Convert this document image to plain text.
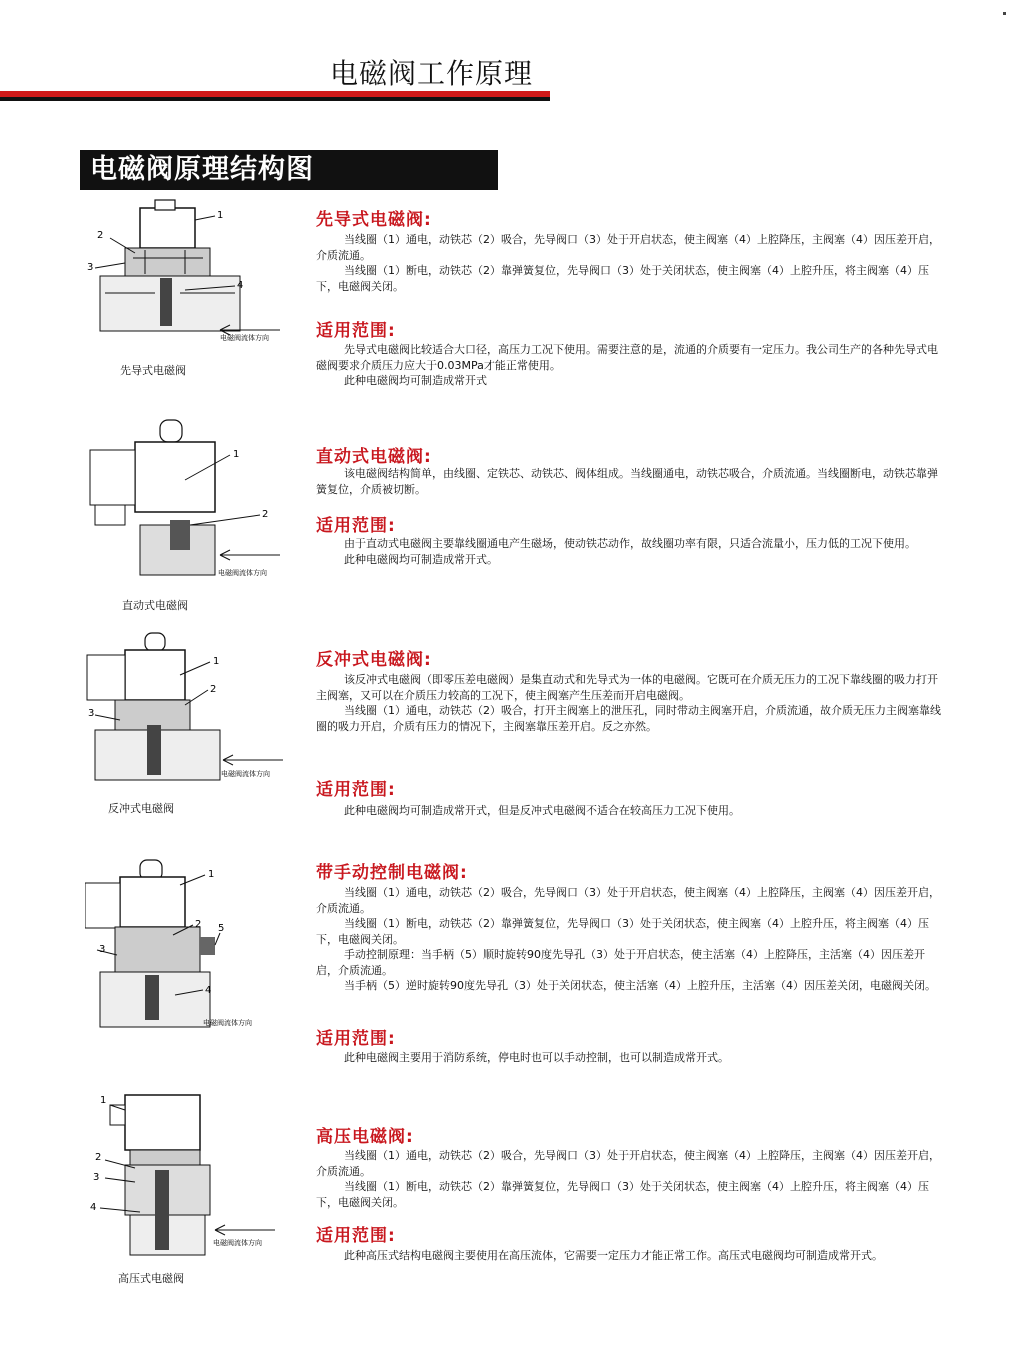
电磁阀工作原理
电磁阀原理结构图
1
2
3
4
电磁阀流体方向
先导式电磁阀
先导式电磁阀:

当线圈（1）通电，动铁芯（2）吸合，先导阀口（3）处于开启状态，使主阀塞（4）上腔降压，主阀塞（4）因压差开启，介质流通。

当线圈（1）断电，动铁芯（2）靠弹簧复位，先导阀口（3）处于关闭状态，使主阀塞（4）上腔升压，将主阀塞（4）压下，电磁阀关闭。

适用范围:

先导式电磁阀比较适合大口径，高压力工况下使用。需要注意的是，流通的介质要有一定压力。我公司生产的各种先导式电磁阀要求介质压力应大于0.03MPa才能正常使用。

此种电磁阀均可制造成常开式

1
2
电磁阀流体方向
直动式电磁阀
直动式电磁阀:

该电磁阀结构简单，由线圈、定铁芯、动铁芯、阀体组成。当线圈通电，动铁芯吸合，介质流通。当线圈断电，动铁芯靠弹簧复位，介质被切断。

适用范围:

由于直动式电磁阀主要靠线圈通电产生磁场，使动铁芯动作，故线圈功率有限，只适合流量小，压力低的工况下使用。

此种电磁阀均可制造成常开式。

1
2
3
电磁阀流体方向
反冲式电磁阀
反冲式电磁阀:

该反冲式电磁阀（即零压差电磁阀）是集直动式和先导式为一体的电磁阀。它既可在介质无压力的工况下靠线圈的吸力打开主阀塞，又可以在介质压力较高的工况下，使主阀塞产生压差而开启电磁阀。

当线圈（1）通电，动铁芯（2）吸合，打开主阀塞上的泄压孔，同时带动主阀塞开启，介质流通，故介质无压力主阀塞靠线圈的吸力开启，介质有压力的情况下，主阀塞靠压差开启。反之亦然。

适用范围:

此种电磁阀均可制造成常开式，但是反冲式电磁阀不适合在较高压力工况下使用。

1
2
3
4
5
电磁阀流体方向
带手动控制电磁阀:

当线圈（1）通电，动铁芯（2）吸合，先导阀口（3）处于开启状态，使主阀塞（4）上腔降压，主阀塞（4）因压差开启，介质流通。

当线圈（1）断电，动铁芯（2）靠弹簧复位，先导阀口（3）处于关闭状态，使主阀塞（4）上腔升压，将主阀塞（4）压下，电磁阀关闭。

手动控制原理：当手柄（5）顺时旋转90度先导孔（3）处于开启状态，使主活塞（4）上腔降压，主活塞（4）因压差开启，介质流通。

当手柄（5）逆时旋转90度先导孔（3）处于关闭状态，使主活塞（4）上腔升压，主活塞（4）因压差关闭，电磁阀关闭。

适用范围:

此种电磁阀主要用于消防系统，停电时也可以手动控制，也可以制造成常开式。

1
2
3
4
电磁阀流体方向
高压式电磁阀
高压电磁阀:

当线圈（1）通电，动铁芯（2）吸合，先导阀口（3）处于开启状态，使主阀塞（4）上腔降压，主阀塞（4）因压差开启，介质流通。

当线圈（1）断电，动铁芯（2）靠弹簧复位，先导阀口（3）处于关闭状态，使主阀塞（4）上腔升压，将主阀塞（4）压下，电磁阀关闭。

适用范围:

此种高压式结构电磁阀主要使用在高压流体，它需要一定压力才能正常工作。高压式电磁阀均可制造成常开式。
